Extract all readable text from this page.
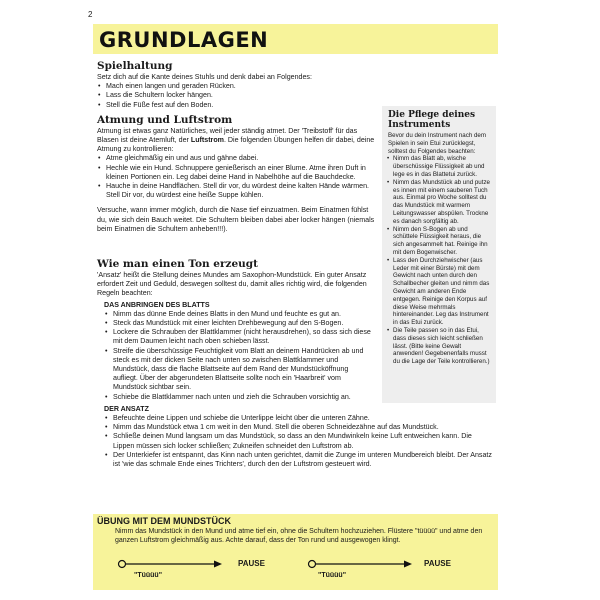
2
GRUNDLAGEN
Spielhaltung

Setz dich auf die Kante deines Stuhls und denk dabei an Folgendes:

• Mach einen langen und geraden Rücken.
• Lass die Schultern locker hängen.
• Stell die Füße fest auf den Boden.
Atmung und Luftstrom

Atmung ist etwas ganz Natürliches, weil jeder ständig atmet. Der 'Treibstoff' für das Blasen ist deine Atemluft, der Luftstrom. Die folgenden Übungen helfen dir dabei, deine Atmung zu kontrollieren:

• Atme gleichmäßig ein und aus und gähne dabei.
• Hechle wie ein Hund. Schnuppere genießerisch an einer Blume. Atme ihren Duft in kleinen Portionen ein. Leg dabei deine Hand in Nabelhöhe auf die Bauchdecke.
• Hauche in deine Handflächen. Stell dir vor, du würdest deine kalten Hände wärmen. Stell Dir vor, du würdest eine heiße Suppe kühlen.

Versuche, wann immer möglich, durch die Nase tief einzuatmen. Beim Einatmen fühlst du, wie sich dein Bauch weitet. Die Schultern bleiben dabei aber locker hängen (niemals beim Einatmen die Schultern anheben!!!).

Wie man einen Ton erzeugt

'Ansatz' heißt die Stellung deines Mundes am Saxophon-Mundstück. Ein guter Ansatz erfordert Zeit und Geduld, deswegen solltest du, damit alles richtig wird, die folgenden Regeln beachten:

DAS ANBRINGEN DES BLATTS
• Nimm das dünne Ende deines Blatts in den Mund und feuchte es gut an.
• Steck das Mundstück mit einer leichten Drehbewegung auf den S-Bogen.
• Lockere die Schrauben der Blattklammer (nicht herausdrehen), so dass sich diese mit dem Daumen leicht nach oben schieben lässt.
• Streife die überschüssige Feuchtigkeit vom Blatt an deinem Handrücken ab und steck es mit der dicken Seite nach unten so zwischen Blattklammer und Mundstück, dass die flache Blattseite auf dem Rand der Mundstücköffnung aufliegt. Über der abgerundeten Blattseite sollte noch ein 'Haarbreit' vom Mundstück sichtbar sein.
• Schiebe die Blattklammer nach unten und zieh die Schrauben vorsichtig an.
DER ANSATZ
• Befeuchte deine Lippen und schiebe die Unterlippe leicht über die unteren Zähne.
• Nimm das Mundstück etwa 1 cm weit in den Mund. Stell die oberen Schneidezähne auf das Mundstück.
• Schließe deinen Mund langsam um das Mundstück, so dass an den Mundwinkeln keine Luft entweichen kann. Die Lippen müssen sich locker schließen; Zukneifen schneidet den Luftstrom ab.
• Der Unterkiefer ist entspannt, das Kinn nach unten gerichtet, damit die Zunge im unteren Mundbereich bleibt. Der Ansatz ist 'wie das schmale Ende eines Trichters', durch den der Luftstrom gesteuert wird.
Die Pflege deines Instruments

Bevor du dein Instrument nach dem Spielen in sein Etui zurücklegst, solltest du Folgendes beachten:

• Nimm das Blatt ab, wische überschüssige Flüssigkeit ab und lege es in das Blattetui zurück.
• Nimm das Mundstück ab und putze es innen mit einem sauberen Tuch aus. Einmal pro Woche solltest du das Mundstück mit warmem Leitungswasser abspülen. Trockne es danach sorgfältig ab.
• Nimm den S-Bogen ab und schüttele Flüssigkeit heraus, die sich angesammelt hat. Reinige ihn mit dem Bogenwischer.
• Lass den Durchziehwischer (aus Leder mit einer Bürste) mit dem Gewicht nach unten durch den Schallbecher gleiten und nimm das Gewicht am anderen Ende entgegen. Reinige den Korpus auf diese Weise mehrmals hintereinander. Leg das Instrument in das Etui zurück.
• Die Teile passen so in das Etui, dass dieses sich leicht schließen lässt. (Bitte keine Gewalt anwenden! Gegebenenfalls musst du die Lage der Teile kontrollieren.)
ÜBUNG MIT DEM MUNDSTÜCK
Nimm das Mundstück in den Mund und atme tief ein, ohne die Schultern hochzuziehen. Flüstere "tüüüü" und atme den ganzen Luftstrom gleichmäßig aus. Achte darauf, dass der Ton rund und ausgewogen klingt.
"Tüüüü"
PAUSE
"Tüüüü"
PAUSE
